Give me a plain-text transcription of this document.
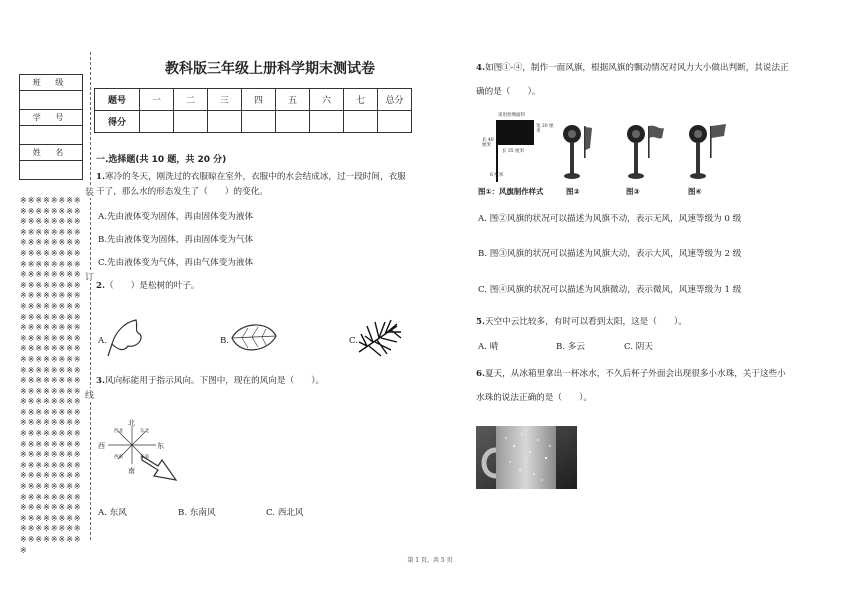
班 级

学 号

姓 名

※※※※※※※※※※※※※※※※※※※※※※※※※※※※※※※※※※※※※※※※※※※※※※※※※※※※※※※※※※※※※※※※※※※※※※※※※※※※※※※※※※※※※※※※※※※※※※※※※※※※※※※※※※※※※※※※※※※※※※※※※※※※※※※※※※※※※※※※※※※※※※※※※※※※※※※※※※※※※※※※※※※※※※※※※※※※※※※※※※※※※※※※※※※※※※※※※※※※※※※※※※※※※※※※※※※※※※※※※※※※※※※※※※※※※※※※※※※※※※※※※※※※※※※※※※※※※※※※※※※※※※※※※
装
订
线
教科版三年级上册科学期末测试卷
题号	一	二	三	四	五	六	七	总分
得分								
一.选择题(共 10 题，共 20 分)
1.寒冷的冬天，刚洗过的衣服晾在室外，衣服中的水会结成冰，过一段时间，衣服
干了，那么水的形态发生了（　　）的变化。
A.先由液体变为固体，再由固体变为液体
B.先由液体变为固体，再由固体变为气体
C.先由液体变为气体，再由气体变为液体
2.（　　）是松树的叶子。
A.	B.	C.
3.风向标能用于指示风向。下图中，现在的风向是（　　）。
北
南
东
西
东北
西北
东南
西南
A. 东风	B. 东南风	C. 西北风
4.如图①-④，制作一面风旗，根据风旗的飘动情况对风力大小做出判断，其说法正
确的是（　　）。
采用丝绸面料
长 35 厘米
宽 20 厘米
长 40 厘米
6 厘米
图①：风旗制作样式	图②	图③	图④
A. 图②风旗的状况可以描述为风旗不动，表示无风，风速等级为 0 级
B. 图③风旗的状况可以描述为风旗大动，表示大风，风速等级为 2 级
C. 图④风旗的状况可以描述为风旗微动，表示微风，风速等级为 1 级
5.天空中云比较多，有时可以看到太阳，这是（　　）。
A. 晴	B. 多云	C. 阴天
6.夏天，从冰箱里拿出一杯冰水，不久后杯子外面会出现很多小水珠，关于这些小
水珠的说法正确的是（　　）。
第 1 页，共 5 页
